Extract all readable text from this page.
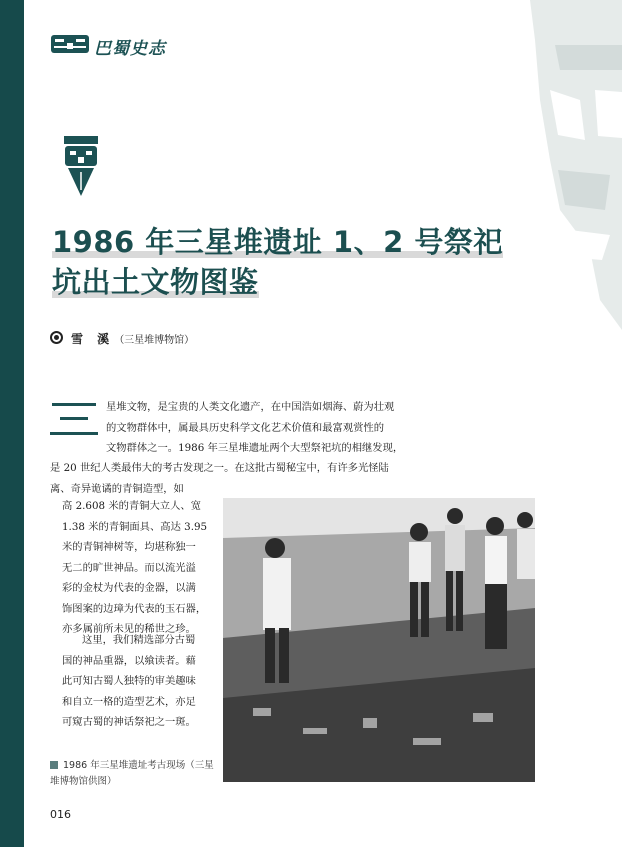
巴蜀史志
1986 年三星堆遗址 1、2 号祭祀
坑出土文物图鉴
雪 溪（三星堆博物馆）
星堆文物，是宝贵的人类文化遗产，在中国浩如烟海、蔚为壮观
的文物群体中，属最具历史科学文化艺术价值和最富观赏性的
文物群体之一。1986 年三星堆遗址两个大型祭祀坑的相继发现，
是 20 世纪人类最伟大的考古发现之一。在这批古蜀秘宝中，有许多光怪陆
离、奇异诡谲的青铜造型，如
高 2.608 米的青铜大立人、宽
1.38 米的青铜面具、高达 3.95
米的青铜神树等，均堪称独一
无二的旷世神品。而以流光溢
彩的金杖为代表的金器，以满
饰图案的边璋为代表的玉石器，
亦多属前所未见的稀世之珍。
这里，我们精选部分古蜀
国的神品重器，以飨读者。藉
此可知古蜀人独特的审美趣味
和自立一格的造型艺术，亦足
可窥古蜀的神话祭祀之一斑。
1986 年三星堆遗址考古现场（三星堆博物馆供图）
016
